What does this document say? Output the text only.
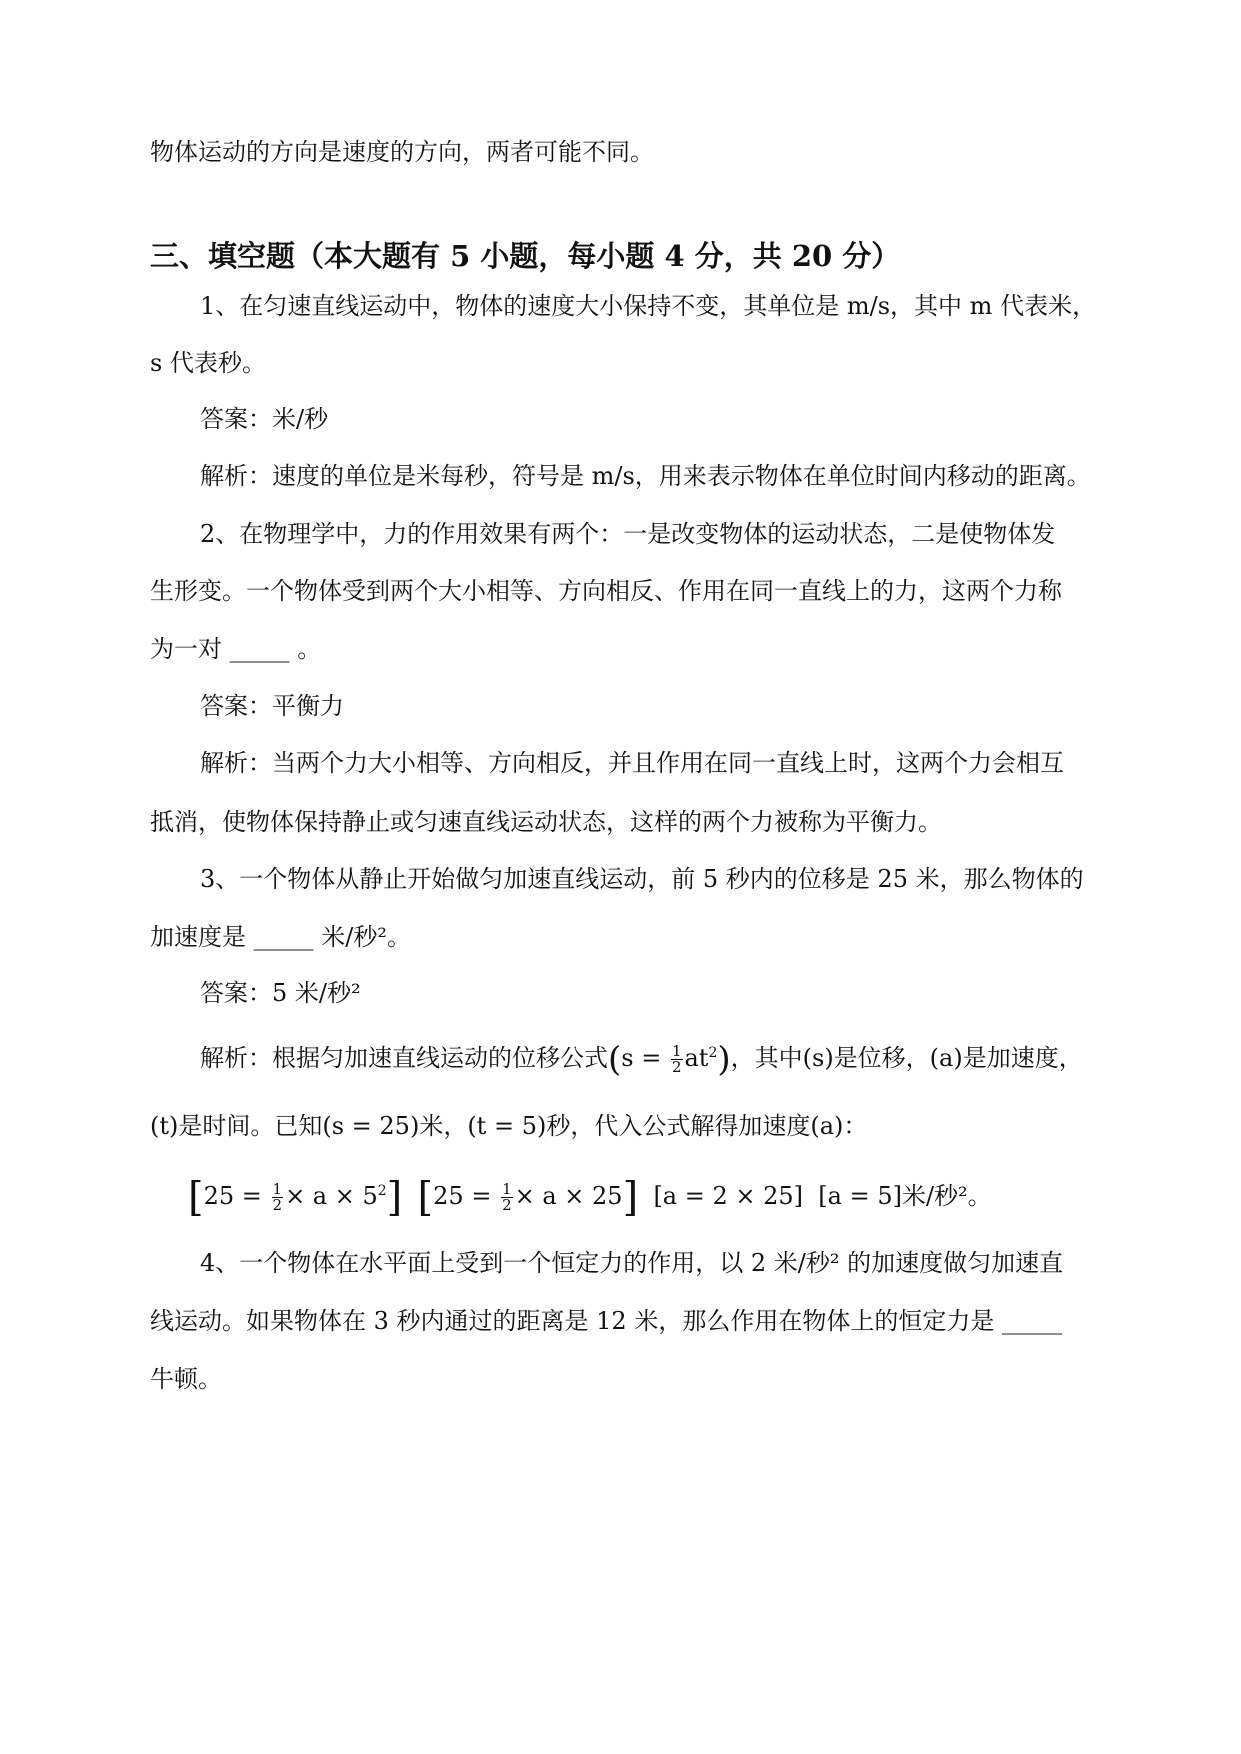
物体运动的方向是速度的方向，两者可能不同。
三、填空题（本大题有 5 小题，每小题 4 分，共 20 分）
1、在匀速直线运动中，物体的速度大小保持不变，其单位是 m/s，其中 m 代表米，
s 代表秒。
答案：米/秒
解析：速度的单位是米每秒，符号是 m/s，用来表示物体在单位时间内移动的距离。
2、在物理学中，力的作用效果有两个：一是改变物体的运动状态，二是使物体发
生形变。一个物体受到两个大小相等、方向相反、作用在同一直线上的力，这两个力称
为一对 _____ 。
答案：平衡力
解析：当两个力大小相等、方向相反，并且作用在同一直线上时，这两个力会相互
抵消，使物体保持静止或匀速直线运动状态，这样的两个力被称为平衡力。
3、一个物体从静止开始做匀加速直线运动，前 5 秒内的位移是 25 米，那么物体的
加速度是 _____ 米/秒²。
答案：5 米/秒²
解析：根据匀加速直线运动的位移公式$(s = \frac{1}{2} at^2)$，其中(s)是位移，(a)是加速度，
(t)是时间。已知(s = 25)米，(t = 5)秒，代入公式解得加速度(a)：
$[25 = \frac{1}{2} \times a \times 5^2]$ $[25 = \frac{1}{2} \times a \times 25]$ [a = 2 × 25] [a = 5]米/秒²。
4、一个物体在水平面上受到一个恒定力的作用，以 2 米/秒² 的加速度做匀加速直
线运动。如果物体在 3 秒内通过的距离是 12 米，那么作用在物体上的恒定力是 _____
牛顿。
